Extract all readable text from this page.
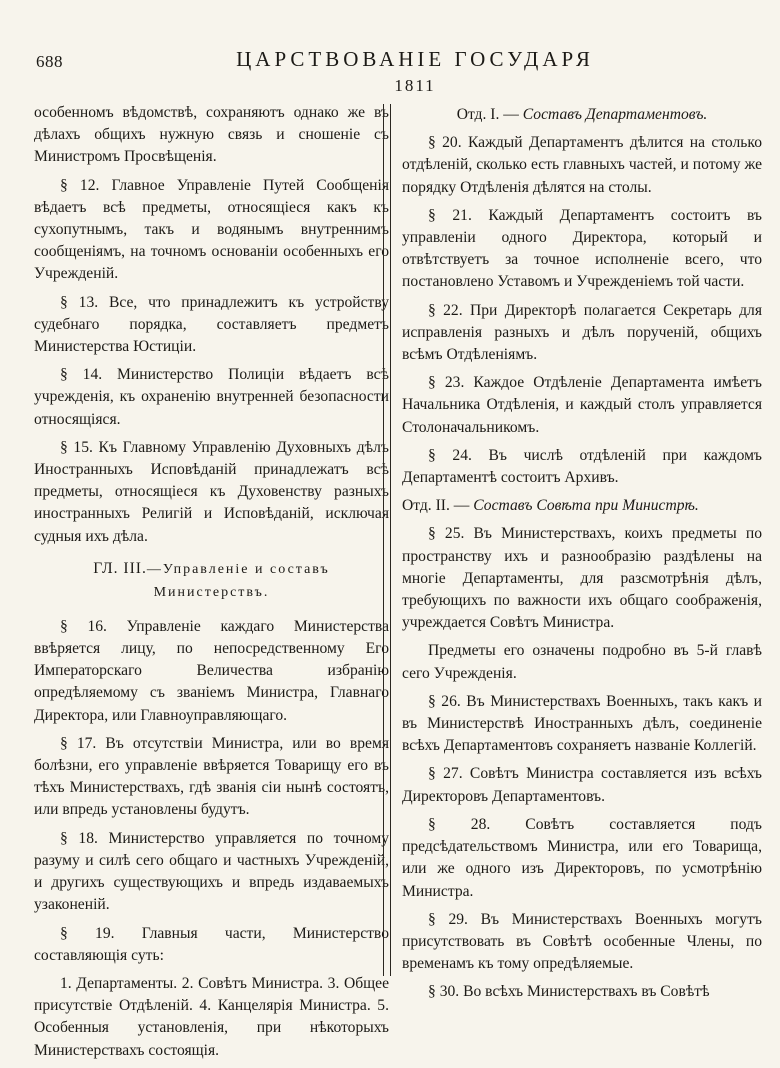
688	ЦАРСТВОВАНІЕ ГОСУДАРЯ
1811

особенномъ вѣдомствѣ, сохраняютъ однако же въ дѣлахъ общихъ нужную связь и сношеніе съ Министромъ Просвѣщенія.

§ 12. Главное Управленіе Путей Сообщенія вѣдаетъ всѣ предметы, относящіеся какъ къ сухопутнымъ, такъ и водянымъ внутреннимъ сообщеніямъ, на точномъ основаніи особенныхъ его Учрежденій.

§ 13. Все, что принадлежитъ къ устройству судебнаго порядка, составляетъ предметъ Министерства Юстиціи.

§ 14. Министерство Полиціи вѣдаетъ всѣ учрежденія, къ охраненію внутренней безопасности относящіяся.

§ 15. Къ Главному Управленію Духовныхъ дѣлъ Иностранныхъ Исповѣданій принадлежатъ всѣ предметы, относящіеся къ Духовенству разныхъ иностранныхъ Религій и Исповѣданій, исключая судныя ихъ дѣла.

ГЛ. III.—Управленіе и составъ Министерствъ.

§ 16. Управленіе каждаго Министерства ввѣряется лицу, по непосредственному Его Императорскаго Величества избранію опредѣляемому съ званіемъ Министра, Главнаго Директора, или Главноуправляющаго.

§ 17. Въ отсутствіи Министра, или во время болѣзни, его управленіе ввѣряется Товарищу его въ тѣхъ Министерствахъ, гдѣ званія сіи нынѣ состоятъ, или впредь установлены будутъ.

§ 18. Министерство управляется по точному разуму и силѣ сего общаго и частныхъ Учрежденій, и другихъ существующихъ и впредь издаваемыхъ узаконеній.

§ 19. Главныя части, Министерство составляющія суть:

1. Департаменты. 2. Совѣтъ Министра. 3. Общее присутствіе Отдѣленій. 4. Канцелярія Министра. 5. Особенныя установленія, при нѣкоторыхъ Министерствахъ состоящія.

Отд. I. — Составъ Департаментовъ.

§ 20. Каждый Департаментъ дѣлится на столько отдѣленій, сколько есть главныхъ частей, и потому же порядку Отдѣленія дѣлятся на столы.

§ 21. Каждый Департаментъ состоитъ въ управленіи одного Директора, который и отвѣтствуетъ за точное исполненіе всего, что постановлено Уставомъ и Учрежденіемъ той части.

§ 22. При Директорѣ полагается Секретарь для исправленія разныхъ и дѣлъ порученій, общихъ всѣмъ Отдѣленіямъ.

§ 23. Каждое Отдѣленіе Департамента имѣетъ Начальника Отдѣленія, и каждый столъ управляется Столоначальникомъ.

§ 24. Въ числѣ отдѣленій при каждомъ Департаментѣ состоитъ Архивъ.

Отд. II. — Составъ Совѣта при Министрѣ.

§ 25. Въ Министерствахъ, коихъ предметы по пространству ихъ и разнообразію раздѣлены на многіе Департаменты, для разсмотрѣнія дѣлъ, требующихъ по важности ихъ общаго соображенія, учреждается Совѣтъ Министра.

Предметы его означены подробно въ 5-й главѣ сего Учрежденія.

§ 26. Въ Министерствахъ Военныхъ, такъ какъ и въ Министерствѣ Иностранныхъ дѣлъ, соединеніе всѣхъ Департаментовъ сохраняетъ названіе Коллегій.

§ 27. Совѣтъ Министра составляется изъ всѣхъ Директоровъ Департаментовъ.

§ 28. Совѣтъ составляется подъ предсѣдательствомъ Министра, или его Товарища, или же одного изъ Директоровъ, по усмотрѣнію Министра.

§ 29. Въ Министерствахъ Военныхъ могутъ присутствовать въ Совѣтѣ особенные Члены, по временамъ къ тому опредѣляемые.

§ 30. Во всѣхъ Министерствахъ въ Совѣтѣ
